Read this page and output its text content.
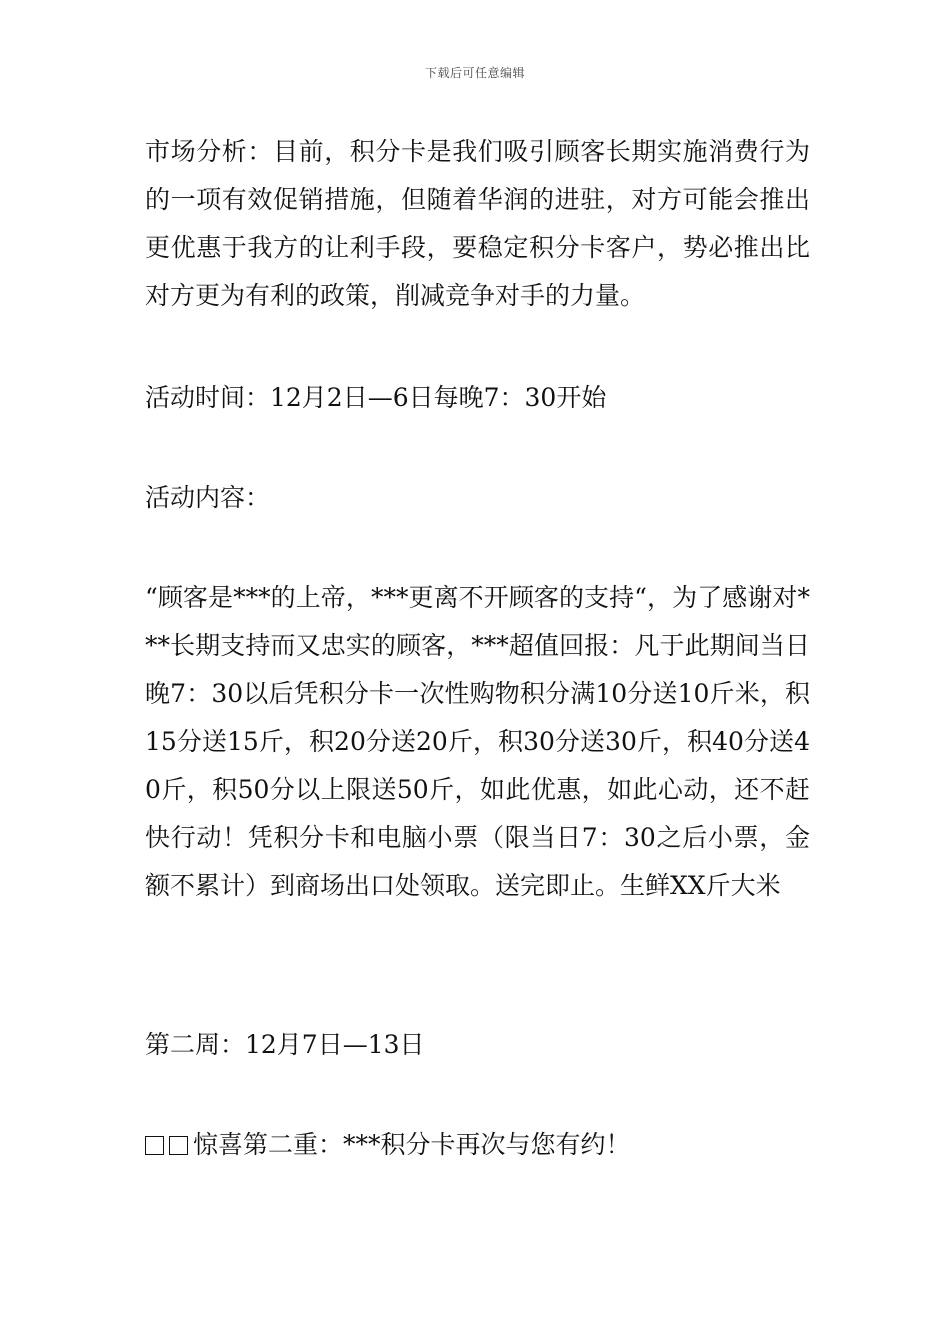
下载后可任意编辑

市场分析：目前，积分卡是我们吸引顾客长期实施消费行为的一项有效促销措施，但随着华润的进驻，对方可能会推出更优惠于我方的让利手段，要稳定积分卡客户，势必推出比对方更为有利的政策，削减竞争对手的力量。

活动时间：12月2日—6日每晚7：30开始

活动内容：

“顾客是***的上帝，***更离不开顾客的支持“，为了感谢对***长期支持而又忠实的顾客，***超值回报：凡于此期间当日晚7：30以后凭积分卡一次性购物积分满10分送10斤米，积15分送15斤，积20分送20斤，积30分送30斤，积40分送40斤，积50分以上限送50斤，如此优惠，如此心动，还不赶快行动！凭积分卡和电脑小票（限当日7：30之后小票，金额不累计）到商场出口处领取。送完即止。生鲜XX斤大米

第二周：12月7日—13日

惊喜第二重：***积分卡再次与您有约！
